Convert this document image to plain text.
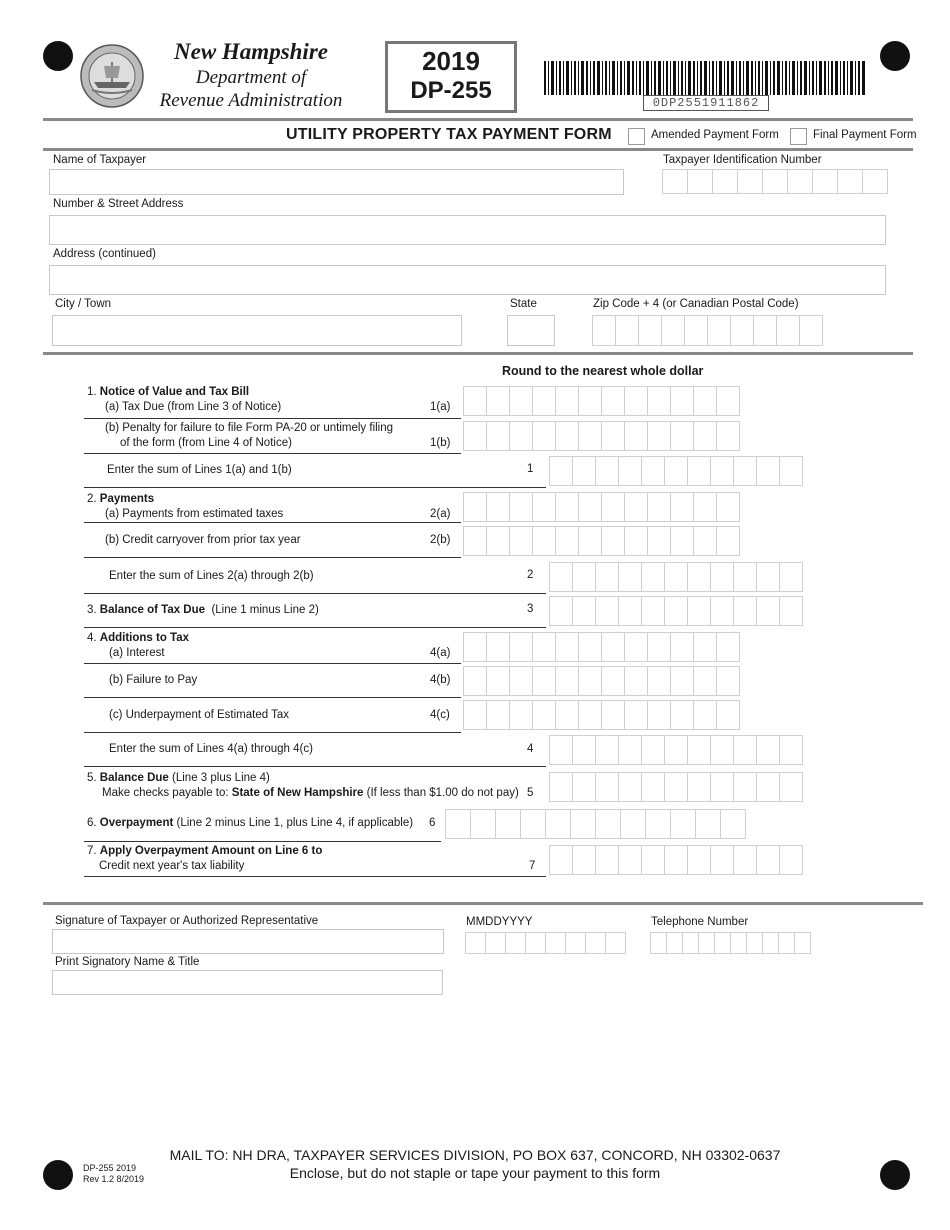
New Hampshire
Department of
Revenue Administration
2019
DP-255	0DP2551911862
UTILITY PROPERTY TAX PAYMENT FORM	Amended Payment Form	Final Payment Form
Name of Taxpayer	Taxpayer Identification Number
Number & Street Address
Address (continued)
City / Town	State	Zip Code + 4 (or Canadian Postal Code)
Round to the nearest whole dollar
1. Notice of Value and Tax Bill
(a) Tax Due (from Line 3 of Notice)	1(a)
(b) Penalty for failure to file Form PA-20 or untimely filing
of the form (from Line 4 of Notice)	1(b)
Enter the sum of Lines 1(a) and 1(b)	1
2. Payments
(a) Payments from estimated taxes	2(a)
(b) Credit carryover from prior tax year	2(b)
Enter the sum of Lines 2(a) through 2(b)	2
3. Balance of Tax Due (Line 1 minus Line 2)	3
4. Additions to Tax
(a) Interest	4(a)
(b) Failure to Pay	4(b)
(c) Underpayment of Estimated Tax	4(c)
Enter the sum of Lines 4(a) through 4(c)	4
5. Balance Due (Line 3 plus Line 4)
Make checks payable to: State of New Hampshire (If less than $1.00 do not pay) 5
6. Overpayment (Line 2 minus Line 1, plus Line 4, if applicable) 6
7. Apply Overpayment Amount on Line 6 to
Credit next year's tax liability	7
Signature of Taxpayer or Authorized Representative	MMDDYYYY	Telephone Number
Print Signatory Name & Title
MAIL TO: NH DRA, TAXPAYER SERVICES DIVISION, PO BOX 637, CONCORD, NH 03302-0637
Enclose, but do not staple or tape your payment to this form
DP-255 2019
Rev 1.2 8/2019
